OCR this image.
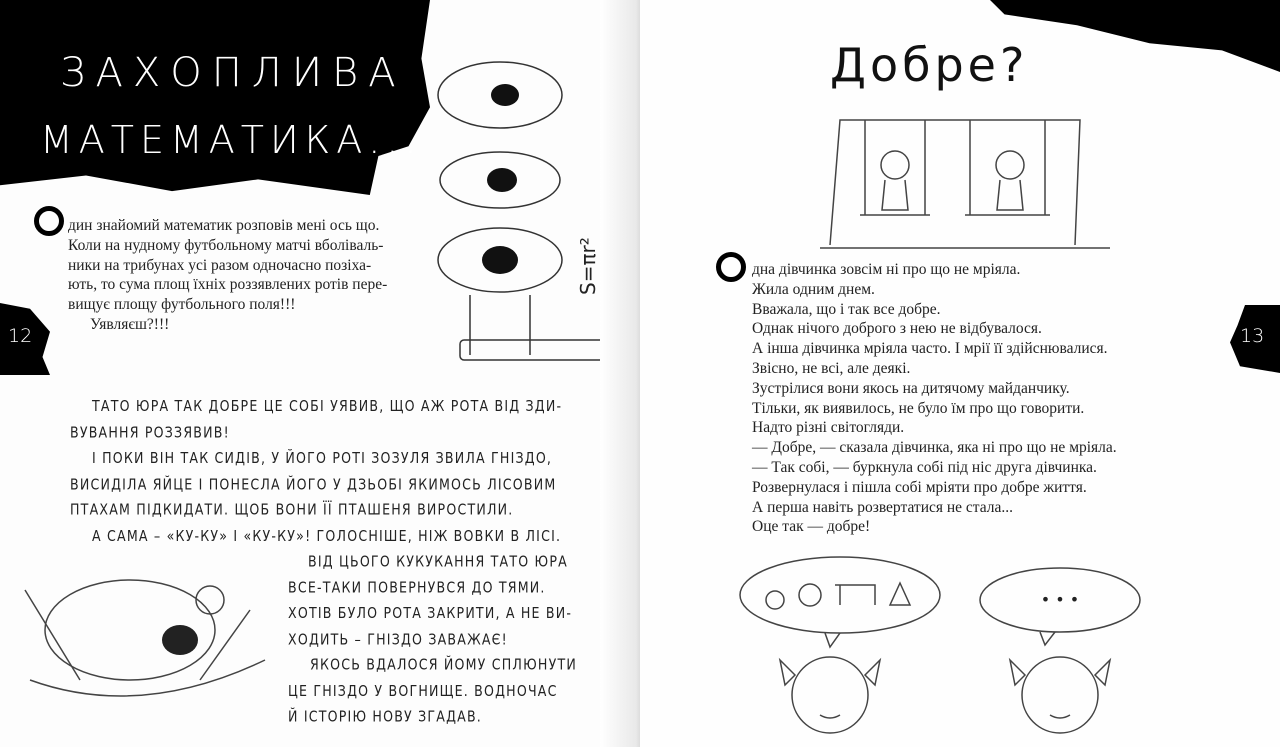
ЗАХОПЛИВА
МАТЕМАТИКА...
12

дин знайомий математик розповів мені ось що.

Коли на нудному футбольному матчі вболіваль-

ники на трибунах усі разом одночасно позіха-

ють, то сума площ їхніх роззявлених ротів пере-

вищує площу футбольного поля!!!

Уявляєш?!!!

S=πr²

ТАТО ЮРА ТАК ДОБРЕ ЦЕ СОБІ УЯВИВ, ЩО АЖ РОТА ВІД ЗДИ-

ВУВАННЯ РОЗЗЯВИВ!

І ПОКИ ВІН ТАК СИДІВ, У ЙОГО РОТІ ЗОЗУЛЯ ЗВИЛА ГНІЗДО,

ВИСИДІЛА ЯЙЦЕ І ПОНЕСЛА ЙОГО У ДЗЬОБІ ЯКИМОСЬ ЛІСОВИМ

ПТАХАМ ПІДКИДАТИ. ЩОБ ВОНИ ЇЇ ПТАШЕНЯ ВИРОСТИЛИ.

А САМА – «КУ-КУ» І «КУ-КУ»! ГОЛОСНІШЕ, НІЖ ВОВКИ В ЛІСІ.

ВІД ЦЬОГО КУКУКАННЯ ТАТО ЮРА

ВСЕ-ТАКИ ПОВЕРНУВСЯ ДО ТЯМИ.

ХОТІВ БУЛО РОТА ЗАКРИТИ, А НЕ ВИ-

ХОДИТЬ – ГНІЗДО ЗАВАЖАЄ!

ЯКОСЬ ВДАЛОСЯ ЙОМУ СПЛЮНУТИ

ЦЕ ГНІЗДО У ВОГНИЩЕ. ВОДНОЧАС

Й ІСТОРІЮ НОВУ ЗГАДАВ.

Добре?
13

дна дівчинка зовсім ні про що не мріяла.

Жила одним днем.

Вважала, що і так все добре.

Однак нічого доброго з нею не відбувалося.

А інша дівчинка мріяла часто. І мрії її здійснювалися.

Звісно, не всі, але деякі.

Зустрілися вони якось на дитячому майданчику.

Тільки, як виявилось, не було їм про що говорити.

Надто різні світогляди.

— Добре, — сказала дівчинка, яка ні про що не мріяла.

— Так собі, — буркнула собі під ніс друга дівчинка.

Розвернулася і пішла собі мріяти про добре життя.

А перша навіть розвертатися не стала...

Оце так — добре!

• • •
